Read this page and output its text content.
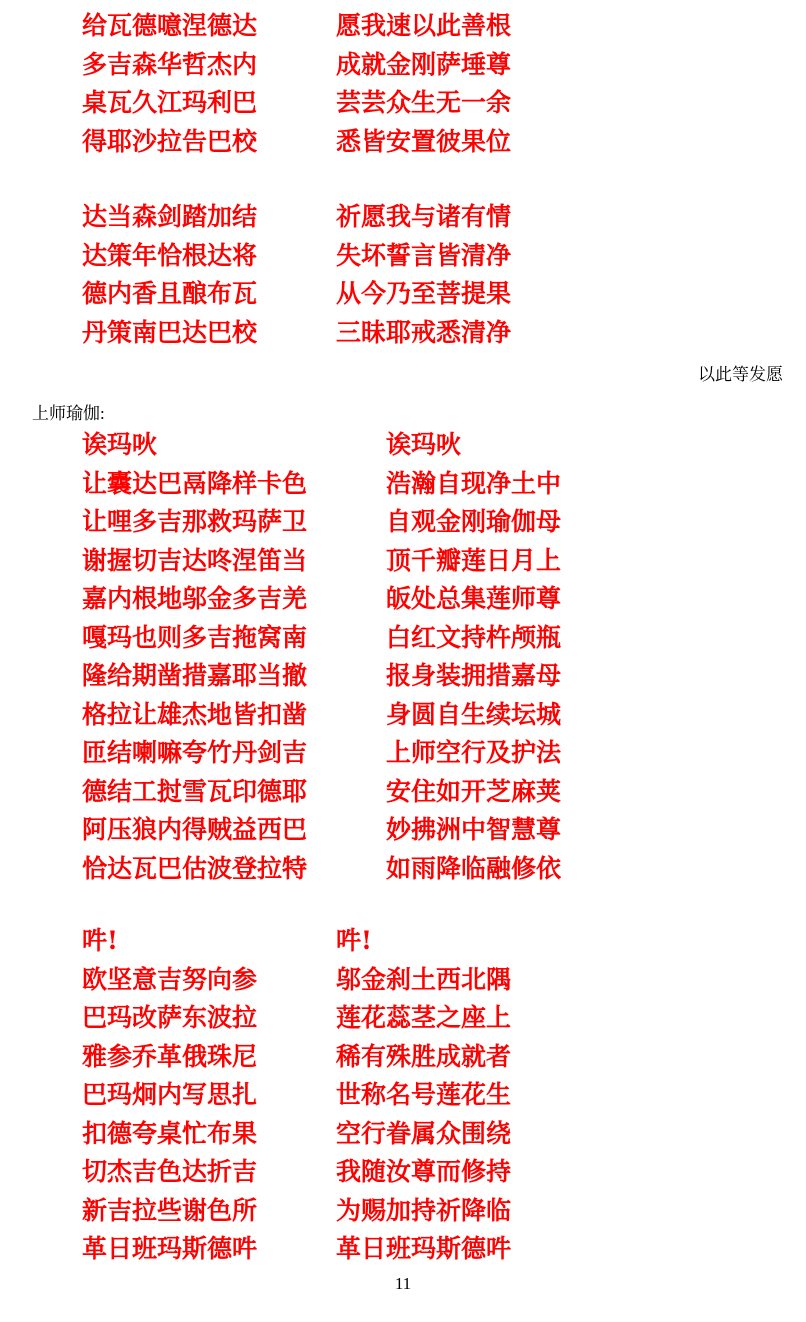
给瓦德噫涅德达
多吉森华哲杰内
桌瓦久江玛利巴
得耶沙拉告巴校
愿我速以此善根
成就金刚萨埵尊
芸芸众生无一余
悉皆安置彼果位
达当森剑踏加结
达策年恰根达将
德内香且酿布瓦
丹策南巴达巴校
祈愿我与诸有情
失坏誓言皆清净
从今乃至菩提果
三昧耶戒悉清净
以此等发愿
上师瑜伽:
诶玛吙
让囊达巴鬲降样卡色
让哩多吉那救玛萨卫
谢握切吉达咚涅笛当
嘉内根地邬金多吉羌
嘎玛也则多吉拖窝南
隆给期凿措嘉耶当撤
格拉让雄杰地皆扣凿
匝结喇嘛夸竹丹剑吉
德结工挝雪瓦印德耶
阿压狼内得贼益西巴
恰达瓦巴估波登拉特
诶玛吙
浩瀚自现净土中
自观金刚瑜伽母
顶千瓣莲日月上
皈处总集莲师尊
白红文持杵颅瓶
报身装拥措嘉母
身圆自生续坛城
上师空行及护法
安住如开芝麻荚
妙拂洲中智慧尊
如雨降临融修依
吽!
欧坚意吉努向参
巴玛改萨东波拉
雅参乔革俄珠尼
巴玛炯内写思扎
扣德夸桌忙布果
切杰吉色达折吉
新吉拉些谢色所
革日班玛斯德吽
吽!
邬金刹土西北隅
莲花蕊茎之座上
稀有殊胜成就者
世称名号莲花生
空行眷属众围绕
我随汝尊而修持
为赐加持祈降临
革日班玛斯德吽
11
